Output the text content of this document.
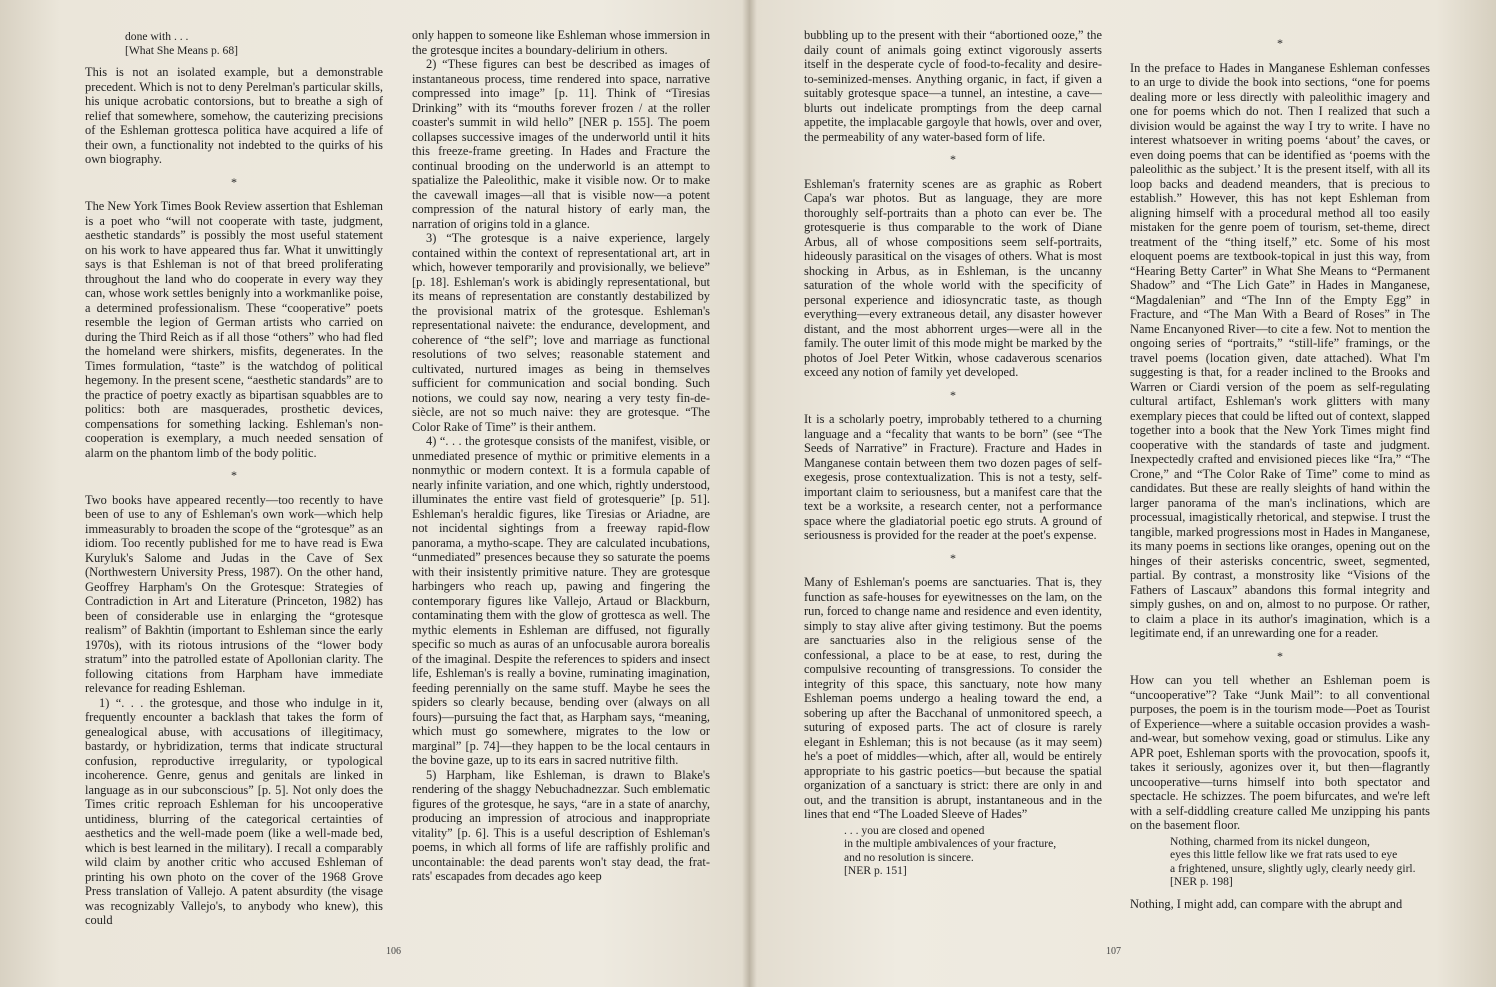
done with . . .
[What She Means p. 68]

This is not an isolated example, but a demonstrable precedent. Which is not to deny Perelman's particular skills, his unique acrobatic contorsions, but to breathe a sigh of relief that somewhere, somehow, the cauterizing precisions of the Eshleman grottesca politica have acquired a life of their own, a functionality not indebted to the quirks of his own biography.

*

The New York Times Book Review assertion that Eshleman is a poet who “will not cooperate with taste, judgment, aesthetic standards” is possibly the most useful statement on his work to have appeared thus far. What it unwittingly says is that Eshleman is not of that breed proliferating throughout the land who do cooperate in every way they can, whose work settles benignly into a workmanlike poise, a determined professionalism. These “cooperative” poets resemble the legion of German artists who carried on during the Third Reich as if all those “others” who had fled the homeland were shirkers, misfits, degenerates. In the Times formulation, “taste” is the watchdog of political hegemony. In the present scene, “aesthetic standards” are to the practice of poetry exactly as bipartisan squabbles are to politics: both are masquerades, prosthetic devices, compensations for something lacking. Eshleman's non-cooperation is exemplary, a much needed sensation of alarm on the phantom limb of the body politic.

*

Two books have appeared recently—too recently to have been of use to any of Eshleman's own work—which help immeasurably to broaden the scope of the “grotesque” as an idiom. Too recently published for me to have read is Ewa Kuryluk's Salome and Judas in the Cave of Sex (Northwestern University Press, 1987). On the other hand, Geoffrey Harpham's On the Grotesque: Strategies of Contradiction in Art and Literature (Princeton, 1982) has been of considerable use in enlarging the “grotesque realism” of Bakhtin (important to Eshleman since the early 1970s), with its riotous intrusions of the “lower body stratum” into the patrolled estate of Apollonian clarity. The following citations from Harpham have immediate relevance for reading Eshleman.

1) “. . . the grotesque, and those who indulge in it, frequently encounter a backlash that takes the form of genealogical abuse, with accusations of illegitimacy, bastardy, or hybridization, terms that indicate structural confusion, reproductive irregularity, or typological incoherence. Genre, genus and genitals are linked in language as in our subconscious” [p. 5]. Not only does the Times critic reproach Eshleman for his uncooperative untidiness, blurring of the categorical certainties of aesthetics and the well-made poem (like a well-made bed, which is best learned in the military). I recall a comparably wild claim by another critic who accused Eshleman of printing his own photo on the cover of the 1968 Grove Press translation of Vallejo. A patent absurdity (the visage was recognizably Vallejo's, to anybody who knew), this could

only happen to someone like Eshleman whose immersion in the grotesque incites a boundary-delirium in others.

2) “These figures can best be described as images of instantaneous process, time rendered into space, narrative compressed into image” [p. 11]. Think of “Tiresias Drinking” with its “mouths forever frozen / at the roller coaster's summit in wild hello” [NER p. 155]. The poem collapses successive images of the underworld until it hits this freeze-frame greeting. In Hades and Fracture the continual brooding on the underworld is an attempt to spatialize the Paleolithic, make it visible now. Or to make the cavewall images—all that is visible now—a potent compression of the natural history of early man, the narration of origins told in a glance.

3) “The grotesque is a naive experience, largely contained within the context of representational art, art in which, however temporarily and provisionally, we believe” [p. 18]. Eshleman's work is abidingly representational, but its means of representation are constantly destabilized by the provisional matrix of the grotesque. Eshleman's representational naivete: the endurance, development, and coherence of “the self”; love and marriage as functional resolutions of two selves; reasonable statement and cultivated, nurtured images as being in themselves sufficient for communication and social bonding. Such notions, we could say now, nearing a very testy fin-de-siècle, are not so much naive: they are grotesque. “The Color Rake of Time” is their anthem.

4) “. . . the grotesque consists of the manifest, visible, or unmediated presence of mythic or primitive elements in a nonmythic or modern context. It is a formula capable of nearly infinite variation, and one which, rightly understood, illuminates the entire vast field of grotesquerie” [p. 51]. Eshleman's heraldic figures, like Tiresias or Ariadne, are not incidental sightings from a freeway rapid-flow panorama, a mytho-scape. They are calculated incubations, “unmediated” presences because they so saturate the poems with their insistently primitive nature. They are grotesque harbingers who reach up, pawing and fingering the contemporary figures like Vallejo, Artaud or Blackburn, contaminating them with the glow of grottesca as well. The mythic elements in Eshleman are diffused, not figurally specific so much as auras of an unfocusable aurora borealis of the imaginal. Despite the references to spiders and insect life, Eshleman's is really a bovine, ruminating imagination, feeding perennially on the same stuff. Maybe he sees the spiders so clearly because, bending over (always on all fours)—pursuing the fact that, as Harpham says, “meaning, which must go somewhere, migrates to the low or marginal” [p. 74]—they happen to be the local centaurs in the bovine gaze, up to its ears in sacred nutritive filth.

5) Harpham, like Eshleman, is drawn to Blake's rendering of the shaggy Nebuchadnezzar. Such emblematic figures of the grotesque, he says, “are in a state of anarchy, producing an impression of atrocious and inappropriate vitality” [p. 6]. This is a useful description of Eshleman's poems, in which all forms of life are raffishly prolific and uncontainable: the dead parents won't stay dead, the frat-rats' escapades from decades ago keep

106

bubbling up to the present with their “abortioned ooze,” the daily count of animals going extinct vigorously asserts itself in the desperate cycle of food-to-fecality and desire-to-seminized-menses. Anything organic, in fact, if given a suitably grotesque space—a tunnel, an intestine, a cave—blurts out indelicate promptings from the deep carnal appetite, the implacable gargoyle that howls, over and over, the permeability of any water-based form of life.

*

Eshleman's fraternity scenes are as graphic as Robert Capa's war photos. But as language, they are more thoroughly self-portraits than a photo can ever be. The grotesquerie is thus comparable to the work of Diane Arbus, all of whose compositions seem self-portraits, hideously parasitical on the visages of others. What is most shocking in Arbus, as in Eshleman, is the uncanny saturation of the whole world with the specificity of personal experience and idiosyncratic taste, as though everything—every extraneous detail, any disaster however distant, and the most abhorrent urges—were all in the family. The outer limit of this mode might be marked by the photos of Joel Peter Witkin, whose cadaverous scenarios exceed any notion of family yet developed.

*

It is a scholarly poetry, improbably tethered to a churning language and a “fecality that wants to be born” (see “The Seeds of Narrative” in Fracture). Fracture and Hades in Manganese contain between them two dozen pages of self-exegesis, prose contextualization. This is not a testy, self-important claim to seriousness, but a manifest care that the text be a worksite, a research center, not a performance space where the gladiatorial poetic ego struts. A ground of seriousness is provided for the reader at the poet's expense.

*

Many of Eshleman's poems are sanctuaries. That is, they function as safe-houses for eyewitnesses on the lam, on the run, forced to change name and residence and even identity, simply to stay alive after giving testimony. But the poems are sanctuaries also in the religious sense of the confessional, a place to be at ease, to rest, during the compulsive recounting of transgressions. To consider the integrity of this space, this sanctuary, note how many Eshleman poems undergo a healing toward the end, a sobering up after the Bacchanal of unmonitored speech, a suturing of exposed parts. The act of closure is rarely elegant in Eshleman; this is not because (as it may seem) he's a poet of middles—which, after all, would be entirely appropriate to his gastric poetics—but because the spatial organization of a sanctuary is strict: there are only in and out, and the transition is abrupt, instantaneous and in the lines that end “The Loaded Sleeve of Hades”

. . . you are closed and opened
in the multiple ambivalences of your fracture,
and no resolution is sincere.
[NER p. 151]
*

In the preface to Hades in Manganese Eshleman confesses to an urge to divide the book into sections, “one for poems dealing more or less directly with paleolithic imagery and one for poems which do not. Then I realized that such a division would be against the way I try to write. I have no interest whatsoever in writing poems ‘about’ the caves, or even doing poems that can be identified as ‘poems with the paleolithic as the subject.’ It is the present itself, with all its loop backs and deadend meanders, that is precious to establish.” However, this has not kept Eshleman from aligning himself with a procedural method all too easily mistaken for the genre poem of tourism, set-theme, direct treatment of the “thing itself,” etc. Some of his most eloquent poems are textbook-topical in just this way, from “Hearing Betty Carter” in What She Means to “Permanent Shadow” and “The Lich Gate” in Hades in Manganese, “Magdalenian” and “The Inn of the Empty Egg” in Fracture, and “The Man With a Beard of Roses” in The Name Encanyoned River—to cite a few. Not to mention the ongoing series of “portraits,” “still-life” framings, or the travel poems (location given, date attached). What I'm suggesting is that, for a reader inclined to the Brooks and Warren or Ciardi version of the poem as self-regulating cultural artifact, Eshleman's work glitters with many exemplary pieces that could be lifted out of context, slapped together into a book that the New York Times might find cooperative with the standards of taste and judgment. Inexpectedly crafted and envisioned pieces like “Ira,” “The Crone,” and “The Color Rake of Time” come to mind as candidates. But these are really sleights of hand within the larger panorama of the man's inclinations, which are processual, imagistically rhetorical, and stepwise. I trust the tangible, marked progressions most in Hades in Manganese, its many poems in sections like oranges, opening out on the hinges of their asterisks concentric, sweet, segmented, partial. By contrast, a monstrosity like “Visions of the Fathers of Lascaux” abandons this formal integrity and simply gushes, on and on, almost to no purpose. Or rather, to claim a place in its author's imagination, which is a legitimate end, if an unrewarding one for a reader.

*

How can you tell whether an Eshleman poem is “uncooperative”? Take “Junk Mail”: to all conventional purposes, the poem is in the tourism mode—Poet as Tourist of Experience—where a suitable occasion provides a wash-and-wear, but somehow vexing, goad or stimulus. Like any APR poet, Eshleman sports with the provocation, spoofs it, takes it seriously, agonizes over it, but then—flagrantly uncooperative—turns himself into both spectator and spectacle. He schizzes. The poem bifurcates, and we're left with a self-diddling creature called Me unzipping his pants on the basement floor.

Nothing, charmed from its nickel dungeon,
eyes this little fellow like we frat rats used to eye
a frightened, unsure, slightly ugly, clearly needy girl.
[NER p. 198]

Nothing, I might add, can compare with the abrupt and

107
